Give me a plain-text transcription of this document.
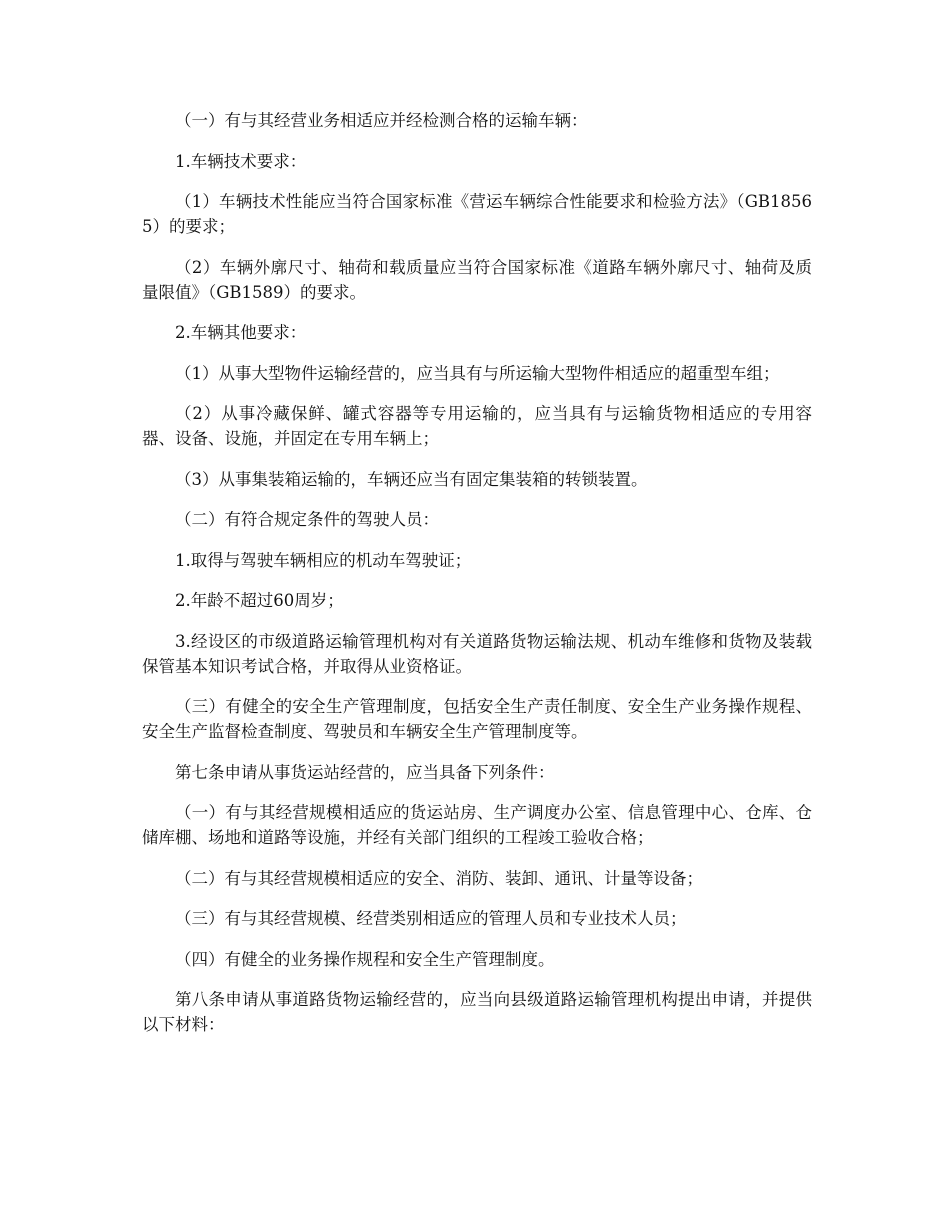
（一）有与其经营业务相适应并经检测合格的运输车辆：

1.车辆技术要求：

（1）车辆技术性能应当符合国家标准《营运车辆综合性能要求和检验方法》（GB18565）的要求；

（2）车辆外廓尺寸、轴荷和载质量应当符合国家标准《道路车辆外廓尺寸、轴荷及质量限值》（GB1589）的要求。

2.车辆其他要求：

（1）从事大型物件运输经营的，应当具有与所运输大型物件相适应的超重型车组；

（2）从事冷藏保鲜、罐式容器等专用运输的，应当具有与运输货物相适应的专用容器、设备、设施，并固定在专用车辆上；

（3）从事集装箱运输的，车辆还应当有固定集装箱的转锁装置。

（二）有符合规定条件的驾驶人员：

1.取得与驾驶车辆相应的机动车驾驶证；

2.年龄不超过60周岁；

3.经设区的市级道路运输管理机构对有关道路货物运输法规、机动车维修和货物及装载保管基本知识考试合格，并取得从业资格证。

（三）有健全的安全生产管理制度，包括安全生产责任制度、安全生产业务操作规程、安全生产监督检查制度、驾驶员和车辆安全生产管理制度等。

第七条申请从事货运站经营的，应当具备下列条件：

（一）有与其经营规模相适应的货运站房、生产调度办公室、信息管理中心、仓库、仓储库棚、场地和道路等设施，并经有关部门组织的工程竣工验收合格；

（二）有与其经营规模相适应的安全、消防、装卸、通讯、计量等设备；

（三）有与其经营规模、经营类别相适应的管理人员和专业技术人员；

（四）有健全的业务操作规程和安全生产管理制度。

第八条申请从事道路货物运输经营的，应当向县级道路运输管理机构提出申请，并提供以下材料：
